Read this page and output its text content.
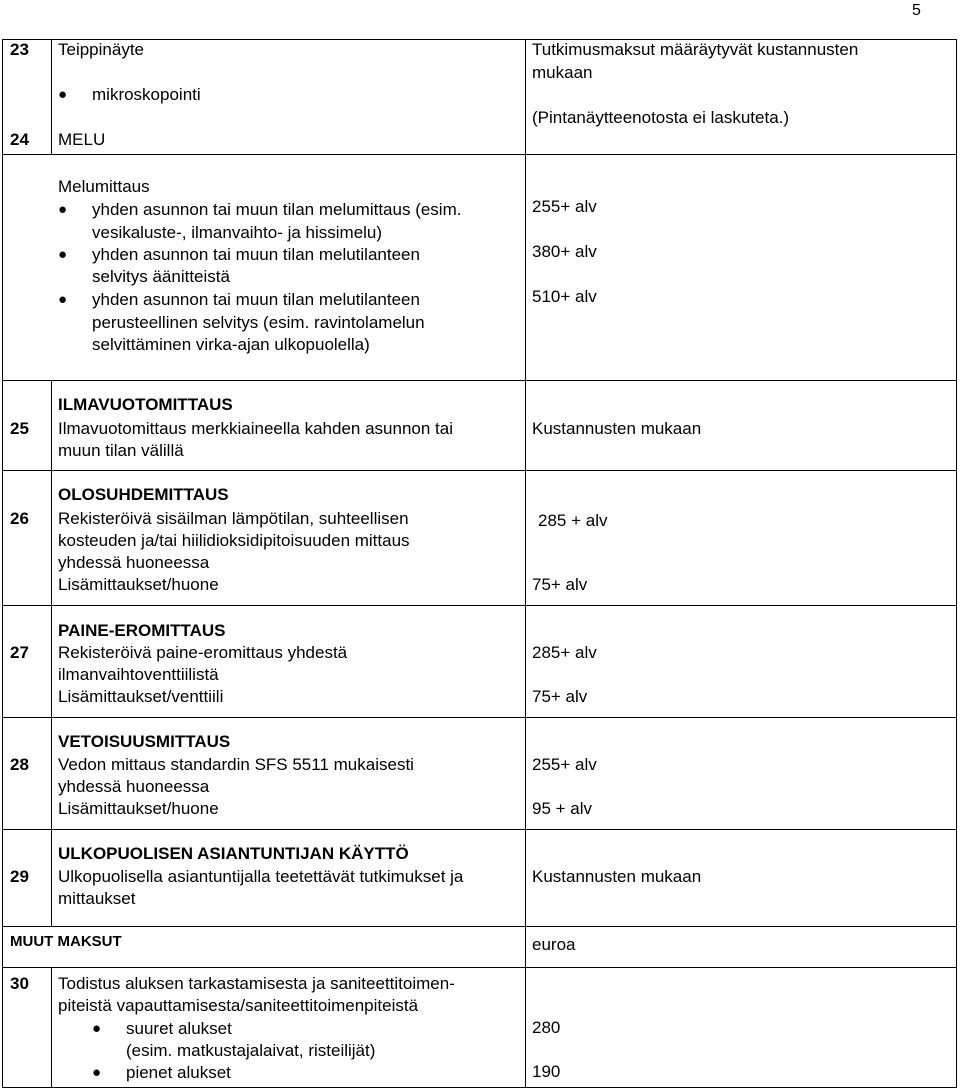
5
23 Teippinäyte
● mikroskopointi
Tutkimusmaksut määräytyvät kustannusten
mukaan
(Pintanäytteenotosta ei laskuteta.)
24 MELU
Melumittaus
● yhden asunnon tai muun tilan melumittaus (esim.
vesikaluste-, ilmanvaihto- ja hissimelu)
● yhden asunnon tai muun tilan melutilanteen
selvitys äänitteistä
● yhden asunnon tai muun tilan melutilanteen
perusteellinen selvitys (esim. ravintolamelun
selvittäminen virka-ajan ulkopuolella)
255+ alv
380+ alv
510+ alv
ILMAVUOTOMITTAUS
25 Ilmavuotomittaus merkkiaineella kahden asunnon tai
muun tilan välillä
Kustannusten mukaan
OLOSUHDEMITTAUS
26 Rekisteröivä sisäilman lämpötilan, suhteellisen
kosteuden ja/tai hiilidioksidipitoisuuden mittaus
yhdessä huoneessa
Lisämittaukset/huone
285 + alv
75+ alv
PAINE-EROMITTAUS
27 Rekisteröivä paine-eromittaus yhdestä
ilmanvaihtoventtiilistä
Lisämittaukset/venttiili
285+ alv
75+ alv
VETOISUUSMITTAUS
28 Vedon mittaus standardin SFS 5511 mukaisesti
yhdessä huoneessa
Lisämittaukset/huone
255+ alv
95 + alv
ULKOPUOLISEN ASIANTUNTIJAN KÄYTTÖ
29 Ulkopuolisella asiantuntijalla teetettävät tutkimukset ja
mittaukset
Kustannusten mukaan
MUUT MAKSUT	euroa
30 Todistus aluksen tarkastamisesta ja saniteettitoimen-
piteistä vapauttamisesta/saniteettitoimenpiteistä
● suuret alukset
(esim. matkustajalaivat, risteilijät)
● pienet alukset
280
190
